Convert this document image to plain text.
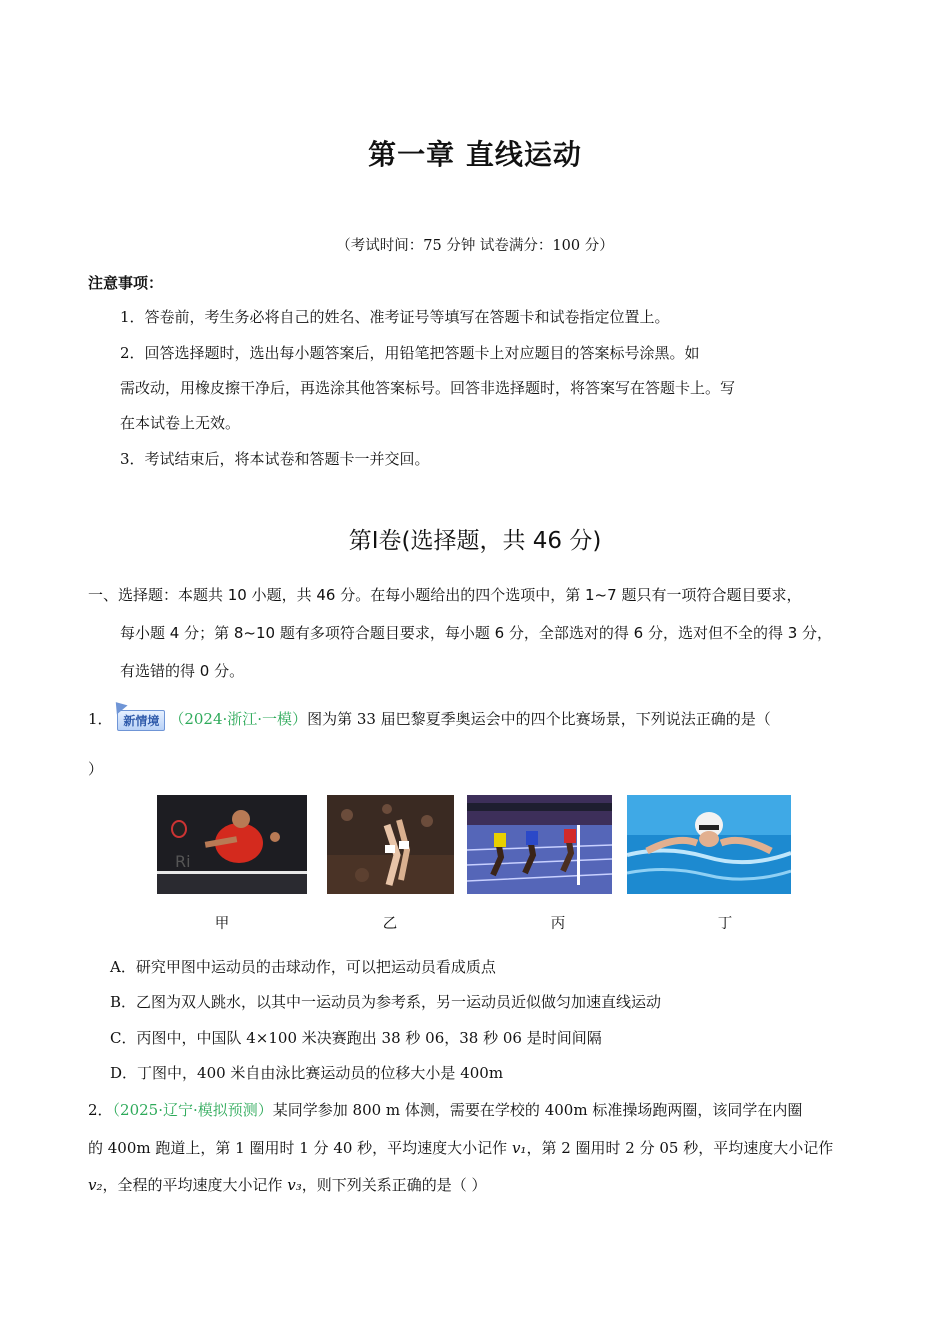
第一章 直线运动
（考试时间：75 分钟 试卷满分：100 分）
注意事项：
1．答卷前，考生务必将自己的姓名、准考证号等填写在答题卡和试卷指定位置上。
2．回答选择题时，选出每小题答案后，用铅笔把答题卡上对应题目的答案标号涂黑。如
需改动，用橡皮擦干净后，再选涂其他答案标号。回答非选择题时，将答案写在答题卡上。写
在本试卷上无效。
3．考试结束后，将本试卷和答题卡一并交回。
第Ⅰ卷(选择题，共 46 分)
一、选择题：本题共 10 小题，共 46 分。在每小题给出的四个选项中，第 1~7 题只有一项符合题目要求，
每小题 4 分；第 8~10 题有多项符合题目要求，每小题 6 分，全部选对的得 6 分，选对但不全的得 3 分，
有选错的得 0 分。
1． 新情境 （2024·浙江·一模）图为第 33 届巴黎夏季奥运会中的四个比赛场景，下列说法正确的是（
）
Ri
甲	乙	丙	丁
A．研究甲图中运动员的击球动作，可以把运动员看成质点
B．乙图为双人跳水，以其中一运动员为参考系，另一运动员近似做匀加速直线运动
C．丙图中，中国队 4×100 米决赛跑出 38 秒 06，38 秒 06 是时间间隔
D．丁图中，400 米自由泳比赛运动员的位移大小是 400m
2．（2025·辽宁·模拟预测）某同学参加 800 m 体测，需要在学校的 400m 标准操场跑两圈，该同学在内圈
的 400m 跑道上，第 1 圈用时 1 分 40 秒，平均速度大小记作 v₁，第 2 圈用时 2 分 05 秒，平均速度大小记作
v₂，全程的平均速度大小记作 v₃，则下列关系正确的是（ ）
